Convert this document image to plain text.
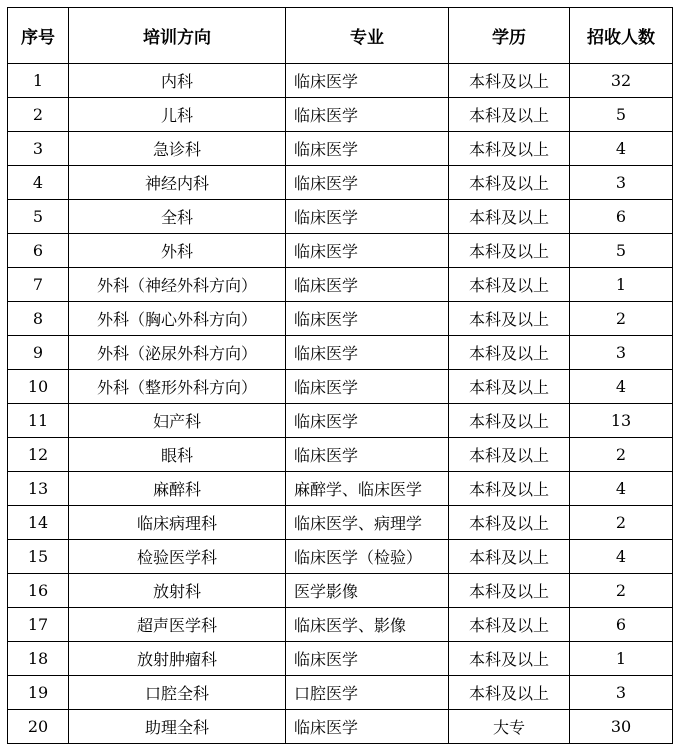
序号	培训方向	专业	学历	招收人数
1	内科	临床医学	本科及以上	32
2	儿科	临床医学	本科及以上	5
3	急诊科	临床医学	本科及以上	4
4	神经内科	临床医学	本科及以上	3
5	全科	临床医学	本科及以上	6
6	外科	临床医学	本科及以上	5
7	外科（神经外科方向）	临床医学	本科及以上	1
8	外科（胸心外科方向）	临床医学	本科及以上	2
9	外科（泌尿外科方向）	临床医学	本科及以上	3
10	外科（整形外科方向）	临床医学	本科及以上	4
11	妇产科	临床医学	本科及以上	13
12	眼科	临床医学	本科及以上	2
13	麻醉科	麻醉学、临床医学	本科及以上	4
14	临床病理科	临床医学、病理学	本科及以上	2
15	检验医学科	临床医学（检验）	本科及以上	4
16	放射科	医学影像	本科及以上	2
17	超声医学科	临床医学、影像	本科及以上	6
18	放射肿瘤科	临床医学	本科及以上	1
19	口腔全科	口腔医学	本科及以上	3
20	助理全科	临床医学	大专	30
